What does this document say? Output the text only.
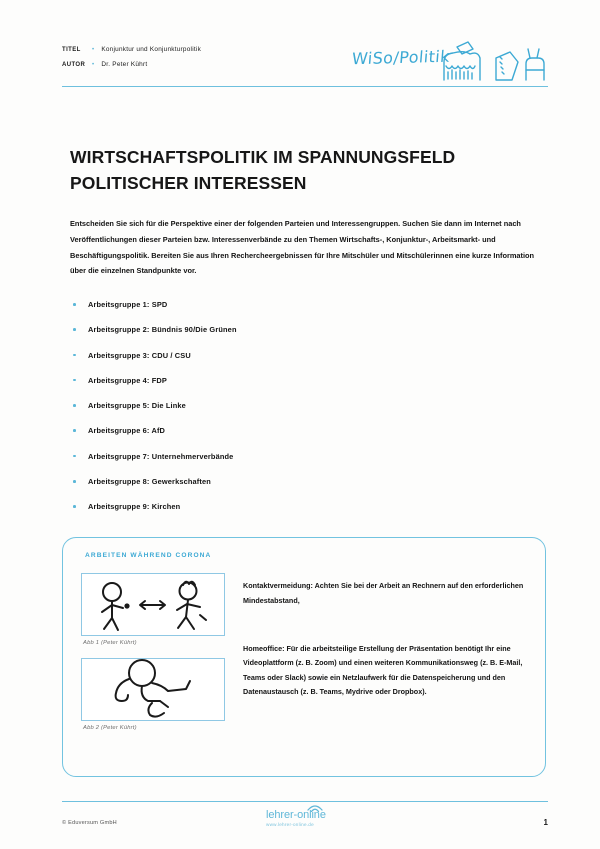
TITEL	• Konjunktur und Konjunkturpolitik
AUTOR	• Dr. Peter Kührt	WiSo/Politik
WIRTSCHAFTSPOLITIK IM SPANNUNGSFELD POLITISCHER INTERESSEN

Entscheiden Sie sich für die Perspektive einer der folgenden Parteien und Interessengruppen. Suchen Sie dann im Internet nach Veröffentlichungen dieser Parteien bzw. Interessenverbände zu den Themen Wirtschafts-, Konjunktur-, Arbeitsmarkt- und Beschäftigungspolitik. Bereiten Sie aus Ihren Rechercheergebnissen für Ihre Mitschüler und Mitschülerinnen eine kurze Information über die einzelnen Standpunkte vor.

Arbeitsgruppe 1: SPD
Arbeitsgruppe 2: Bündnis 90/Die Grünen
Arbeitsgruppe 3: CDU / CSU
Arbeitsgruppe 4: FDP
Arbeitsgruppe 5: Die Linke
Arbeitsgruppe 6: AfD
Arbeitsgruppe 7: Unternehmerverbände
Arbeitsgruppe 8: Gewerkschaften
Arbeitsgruppe 9: Kirchen
ARBEITEN WÄHREND CORONA
Abb 1 (Peter Kührt)
Abb 2 (Peter Kührt)

Kontaktvermeidung: Achten Sie bei der Arbeit an Rechnern auf den erforderlichen Mindestabstand,

Homeoffice: Für die arbeitsteilige Erstellung der Präsentation benötigt Ihr eine Videoplattform (z. B. Zoom) und einen weiteren Kommunikationsweg (z. B. E-Mail, Teams oder Slack) sowie ein Netzlaufwerk für die Datenspeicherung und den Datenaustausch (z. B. Teams, Mydrive oder Dropbox).

© Eduversum GmbH
lehrer-online
www.lehrer-online.de	1
